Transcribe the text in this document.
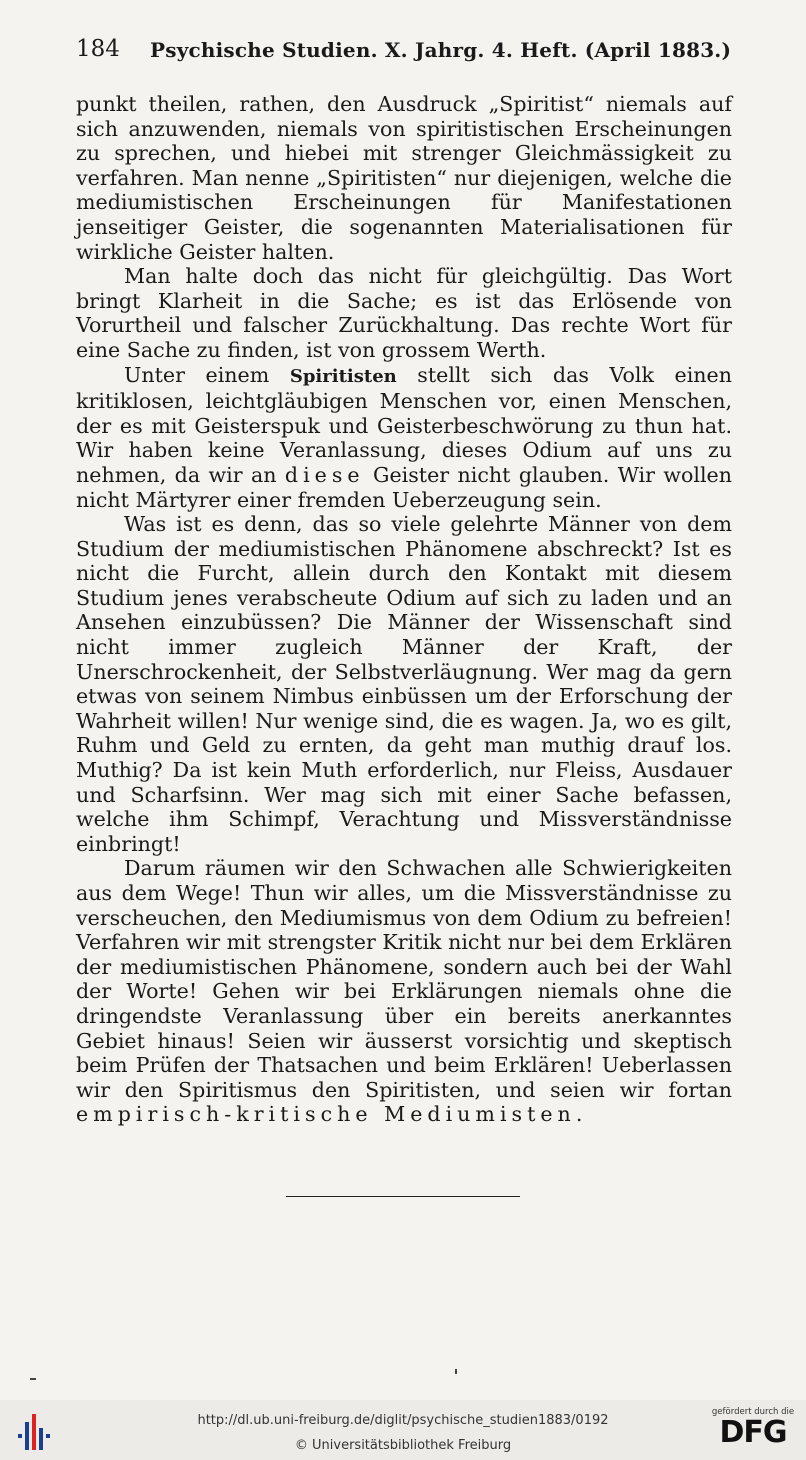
184 Psychische Studien. X. Jahrg. 4. Heft. (April 1883.)

punkt theilen, rathen, den Ausdruck „Spiritist“ niemals auf sich anzuwenden, niemals von spiritistischen Erscheinungen zu sprechen, und hiebei mit strenger Gleichmässigkeit zu verfahren. Man nenne „Spiritisten“ nur diejenigen, welche die mediumistischen Erscheinungen für Manifestationen jenseitiger Geister, die sogenannten Materialisationen für wirkliche Geister halten.

Man halte doch das nicht für gleichgültig. Das Wort bringt Klarheit in die Sache; es ist das Erlösende von Vorurtheil und falscher Zurückhaltung. Das rechte Wort für eine Sache zu finden, ist von grossem Werth.

Unter einem Spiritisten stellt sich das Volk einen kritiklosen, leichtgläubigen Menschen vor, einen Menschen, der es mit Geisterspuk und Geisterbeschwörung zu thun hat. Wir haben keine Veranlassung, dieses Odium auf uns zu nehmen, da wir an diese Geister nicht glauben. Wir wollen nicht Märtyrer einer fremden Ueberzeugung sein.

Was ist es denn, das so viele gelehrte Männer von dem Studium der mediumistischen Phänomene abschreckt? Ist es nicht die Furcht, allein durch den Kontakt mit diesem Studium jenes verabscheute Odium auf sich zu laden und an Ansehen einzubüssen? Die Männer der Wissenschaft sind nicht immer zugleich Männer der Kraft, der Unerschrockenheit, der Selbstverläugnung. Wer mag da gern etwas von seinem Nimbus einbüssen um der Erforschung der Wahrheit willen! Nur wenige sind, die es wagen. Ja, wo es gilt, Ruhm und Geld zu ernten, da geht man muthig drauf los. Muthig? Da ist kein Muth erforderlich, nur Fleiss, Ausdauer und Scharfsinn. Wer mag sich mit einer Sache befassen, welche ihm Schimpf, Verachtung und Missverständnisse einbringt!

Darum räumen wir den Schwachen alle Schwierigkeiten aus dem Wege! Thun wir alles, um die Missverständnisse zu verscheuchen, den Mediumismus von dem Odium zu befreien! Verfahren wir mit strengster Kritik nicht nur bei dem Erklären der mediumistischen Phänomene, sondern auch bei der Wahl der Worte! Gehen wir bei Erklärungen niemals ohne die dringendste Veranlassung über ein bereits anerkanntes Gebiet hinaus! Seien wir äusserst vorsichtig und skeptisch beim Prüfen der Thatsachen und beim Erklären! Ueberlassen wir den Spiritismus den Spiritisten, und seien wir fortan empirisch-kritische Mediumisten.

http://dl.ub.uni-freiburg.de/diglit/psychische_studien1883/0192
© Universitätsbibliothek Freiburg
gefördert durch die
DFG
